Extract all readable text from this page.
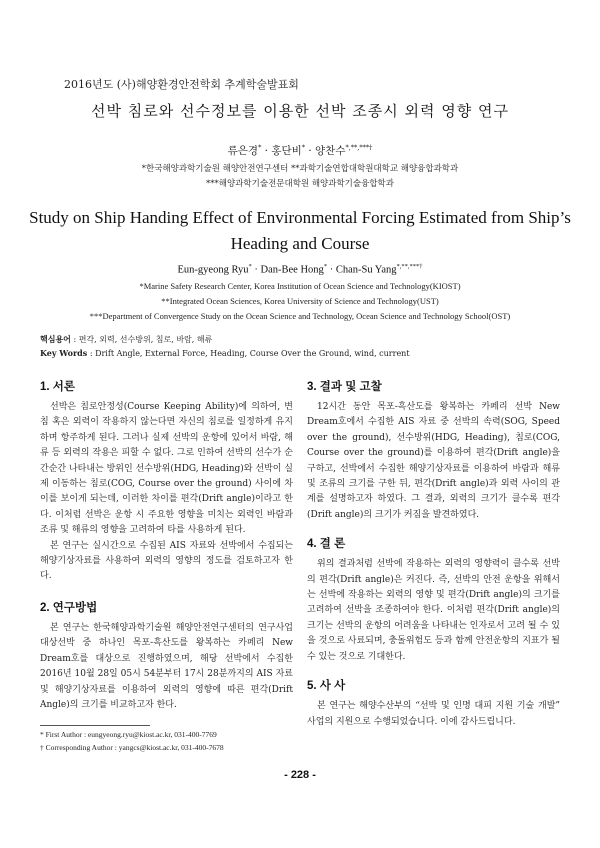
2016년도 (사)해양환경안전학회 추계학술발표회
선박 침로와 선수정보를 이용한 선박 조종시 외력 영향 연구
류은경* · 홍단비* · 양찬수*,**,***†
*한국해양과학기술원 해양안전연구센터 **과학기술연합대학원대학교 해양융합과학과
***해양과학기술전문대학원 해양과학기술융합학과
Study on Ship Handing Effect of Environmental Forcing Estimated from Ship’s
Heading and Course
Eun-gyeong Ryu* · Dan-Bee Hong* · Chan-Su Yang*,**,***†
*Marine Safety Research Center, Korea Institution of Ocean Science and Technology(KIOST)
**Integrated Ocean Sciences, Korea University of Science and Technology(UST)
***Department of Convergence Study on the Ocean Science and Technology, Ocean Science and Technology School(OST)
핵심용어 : 편각, 외력, 선수방위, 침로, 바람, 해류
Key Words : Drift Angle, External Force, Heading, Course Over the Ground, wind, current
1. 서론

선박은 침로안정성(Course Keeping Ability)에 의하여, 변침 혹은 외력이 작용하지 않는다면 자신의 침로를 일정하게 유지하며 항주하게 된다. 그러나 실제 선박의 운항에 있어서 바람, 해류 등 외력의 작용은 피할 수 없다. 그로 인하여 선박의 선수가 순간순간 나타내는 방위인 선수방위(HDG, Heading)와 선박이 실제 이동하는 침로(COG, Course over the ground) 사이에 차이를 보이게 되는데, 이러한 차이를 편각(Drift angle)이라고 한다. 이처럼 선박은 운항 시 주요한 영향을 미치는 외력인 바람과 조류 및 해류의 영향을 고려하여 타를 사용하게 된다.

본 연구는 실시간으로 수집된 AIS 자료와 선박에서 수집되는 해양기상자료를 사용하여 외력의 영향의 정도를 검토하고자 한다.

2. 연구방법

본 연구는 한국해양과학기술원 해양안전연구센터의 연구사업 대상선박 중 하나인 목포-흑산도를 왕복하는 카페리 New Dream호를 대상으로 진행하였으며, 해당 선박에서 수집한 2016년 10월 28일 05시 54분부터 17시 28분까지의 AIS 자료 및 해양기상자료를 이용하여 외력의 영향에 따른 편각(Drift Angle)의 크기를 비교하고자 한다.

3. 결과 및 고찰

12시간 동안 목포-흑산도를 왕복하는 카페리 선박 New Dream호에서 수집한 AIS 자료 중 선박의 속력(SOG, Speed over the ground), 선수방위(HDG, Heading), 침로(COG, Course over the ground)를 이용하여 편각(Drift angle)을 구하고, 선박에서 수집한 해양기상자료를 이용하여 바람과 해류 및 조류의 크기를 구한 뒤, 편각(Drift angle)과 외력 사이의 관계를 설명하고자 하였다. 그 결과, 외력의 크기가 클수록 편각(Drift angle)의 크기가 커짐을 발견하였다.

4. 결 론

위의 결과처럼 선박에 작용하는 외력의 영향력이 클수록 선박의 편각(Drift angle)은 커진다. 즉, 선박의 안전 운항을 위해서는 선박에 작용하는 외력의 영향 및 편각(Drift angle)의 크기를 고려하여 선박을 조종하여야 한다. 이처럼 편각(Drift angle)의 크기는 선박의 운항의 어려움을 나타내는 인자로서 고려 될 수 있을 것으로 사료되며, 충돌위험도 등과 함께 안전운항의 지표가 될 수 있는 것으로 기대한다.

5. 사 사

본 연구는 해양수산부의 “선박 및 인명 대피 지원 기술 개발” 사업의 지원으로 수행되었습니다. 이에 감사드립니다.

* First Author : eungyeong.ryu@kiost.ac.kr, 031-400-7769
† Corresponding Author : yangcs@kiost.ac.kr, 031-400-7678
- 228 -
